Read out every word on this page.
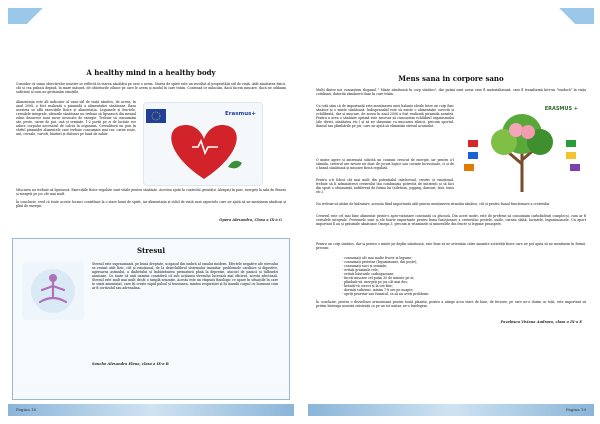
A healthy mind in a healthy body
Consider că suma obiectivelor noastre se reflectă în starea sănătății pe care o avem. Starea de spirit este un rezultat al proprietății stil de viață. Atât sănătatea fizică, cât și cea psihică depind, în mare măsură, de obiceiurile zilnice pe care le avem și modul în care trăim. Contează ce mâncăm, dacă facem mișcare, dacă ne odihnim suficient și cum ne gestionăm emoțiile.
Alimentația este alt indicator al unui stil de viață sănătos, de aceea, în anul 2008, a fost realizată o piramidă a alimentației sănătoase. Baza acesteia se află exercițiile fizice și alimentația. Legumele și fructele, cerealele integrale, uleiurile sănătoase nu trebuie să lipsească din meniul zilnic deoarece sunt surse nesecate de energie. Trebuie să consumăm săr, peste, carne de pui, ouă și semințe. 1-2 porții pe zi de lactate vor aduce corpului necesarul de calciu în organism. Cerealitorii nu pun în vârful piramidei alimentele care trebuie consumate mai rar: carne roșie, unt, cereale, cartofi, băuturi și dulciuri pe bază de zahăr.
Erasmus+
Mișcarea nu trebuie să lipsească. Exercițiile fizice regulate sunt vitale pentru sănătate. Acestea ajută la controlul greutății. Alergați în parc, mergeți la sala de fitness și mergeți pe jos cât mai mult.
În concluzie, cred că toate aceste lucruri contribuie la o stare bună de spirit, iar alimentația și stilul de viață sunt aspectele care ne ajută să ne menținem sănătoși și plini de energie.
Opera Alexandra, Clasa a IX-a G
Stresul
Stresul este supraumanit, pe bună dreptate, ucigașul din umbră al omului modern. Efectele negative ale stresului se resimt atât fizic, cât și emoțional, de la dezechilibrul sistemului imunitar, problemele cardiace și digestive, agravarea astmului, a diabetului și îmbătrânirea prematură până la depresie, atacuri de panică și tulburări anxioase. Cu toate că unii oameni consideră că sub acțiunea stresului lucrează mai eficient, acesta afectează. Stresul este mult mai mult decât o simplă senzație. Acesta este un răspuns fiziologic ce apare în situațiile în care te simți amenințat, care îți crește rapid pulsul și tensiunea, mintea respirației și îți inundă corpul cu hormoni cum ar fi cortizolul sau adrenalina.
Sonche Alexandra Elena, clasa a IX-a B
Pagina 18
Mens sana in corpore sano
Mulți dintre noi cunoaștem sloganul " Minte sănătoasă în corp sănătos", dar puțini sunt aceia care îl materializează, care îl transformă într-un "traducă" în viața cotidiană, datorită rămânerii doar în care trăim.
Cu toții știm că de importanță este menținerea unei balanțe ideale între un corp fizic sănătos și o minte sănătoasă. Indispensabil este să existe o alimentație corectă și echilibrată, dar și mișcare, de aceea în anul 2008 a fost realizată piramida noastră. Pentru a avea o sănătate optimă este necesar să cunoaștem echilibrul organismului (ale dietei, sănătatea etc.) și să ne obișnuim cu mișcarea zilnică, precum sportul, dansul sau plimbările pe jos, care ne ajută să eliminăm stresul acumulat.
ERASMUS +
O minte agere și antrenată solicită un consum crescut de energie, iar pentru a-l stimula, creierul are nevoie nu doar de jocuri logice sau cuvinte încrucișate, ci și de o hrană sănătoasă și mișcare fizică regulată.
Pentru a-ți folosi cât mai mult din potențialul intelectual, creativ și emoțional, trebuie să îi administrezi creierului tău combinația potrivită de nutrienți și să faci din sport o obișnuință, indiferent de forma lui (atletism, jogging, dansuri, înot, tenis etc.).
Nu trebuie să uităm de hidratare, aceasta fiind importantă atât pentru menținerea ritmului sănătos, cât și pentru bunul funcționare a creierului.
Creierul este cel mai bine alimentat printr-o apro-vizionare constantă cu glucoză. Din acest motiv, este de preferat să consumăm carbohidrați complecși, cum ar fi cerealele integrale. Proteinele sunt și ele foarte importante pentru buna funcționare a creierului: peștele, ouăle, carnea slabă, lactatele, leguminoasele. Un aport important îl au și grăsimile sănătoase Omega 3, precum și vitaminele și mineralele din fructe și legume proaspete.
Pentru un corp sănătos, dar și pentru o minte pe deplin sănătoasă, este bine să ne orientăm către anumite activități fizice care ne pot ajuta să ne menținem în formă, precum:
- consumați cât mai multe fructe și legume;
- consumați proteine (leguminoase, din pește);
- consumați nuci și semințe;
- evitați grăsimile rele;
- evitați băuturile carbogazoase;
- faceți mișcare cel puțin 30 de minute pe zi;
- plimbați-vă, mergeți pe jos cât mai des;
- hrăniți-vă corect și la ore fixe;
- dormiți suficient, minim 7-8 ore pe noapte;
- opriți prioritar sau fumatul, ca să nu aveți probleme.
În concluzie, pentru o dezvoltare armonioasă pentru toată planeta, pentru a atinge acea stare de bine, de fericire, pe care ne-o dorim cu toții, este important să privim întreaga noastră existență ca pe un tot unitar, ne-o înțelegem.
Pavelescu Viviana Andreea, clasa a IX-a E
Pagina 19
